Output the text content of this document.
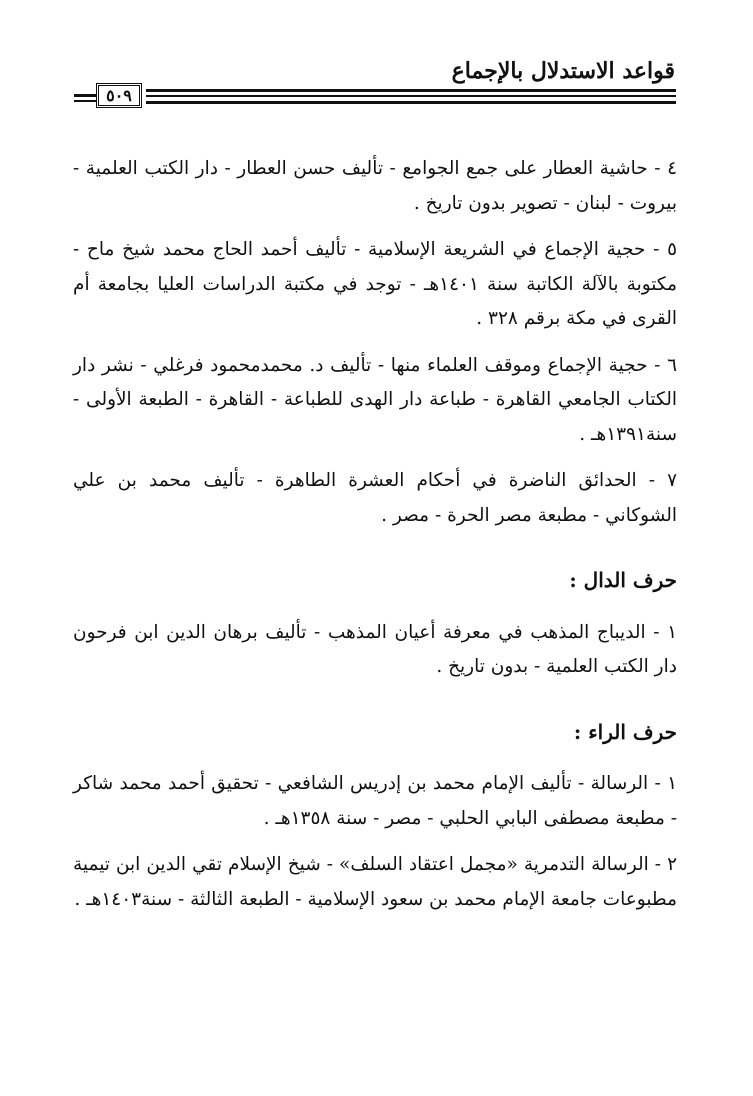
قواعد الاستدلال بالإجماع
٥٠٩

٤ - حاشية العطار على جمع الجوامع - تأليف حسن العطار - دار الكتب العلمية - بيروت - لبنان - تصوير بدون تاريخ .

٥ - حجية الإجماع في الشريعة الإسلامية - تأليف أحمد الحاج محمد شيخ ماح - مكتوبة بالآلة الكاتبة سنة ١٤٠١هـ - توجد في مكتبة الدراسات العليا بجامعة أم القرى في مكة برقم ٣٢٨ .

٦ - حجية الإجماع وموقف العلماء منها - تأليف د. محمدمحمود فرغلي - نشر دار الكتاب الجامعي القاهرة - طباعة دار الهدى للطباعة - القاهرة - الطبعة الأولى - سنة١٣٩١هـ .

٧ - الحدائق الناضرة في أحكام العشرة الطاهرة - تأليف محمد بن علي الشوكاني - مطبعة مصر الحرة - مصر .

حرف الدال :

١ - الديباج المذهب في معرفة أعيان المذهب - تأليف برهان الدين ابن فرحون دار الكتب العلمية - بدون تاريخ .

حرف الراء :

١ - الرسالة - تأليف الإمام محمد بن إدريس الشافعي - تحقيق أحمد محمد شاكر - مطبعة مصطفى البابي الحلبي - مصر - سنة ١٣٥٨هـ .

٢ - الرسالة التدمرية «مجمل اعتقاد السلف» - شيخ الإسلام تقي الدين ابن تيمية مطبوعات جامعة الإمام محمد بن سعود الإسلامية - الطبعة الثالثة - سنة١٤٠٣هـ .
